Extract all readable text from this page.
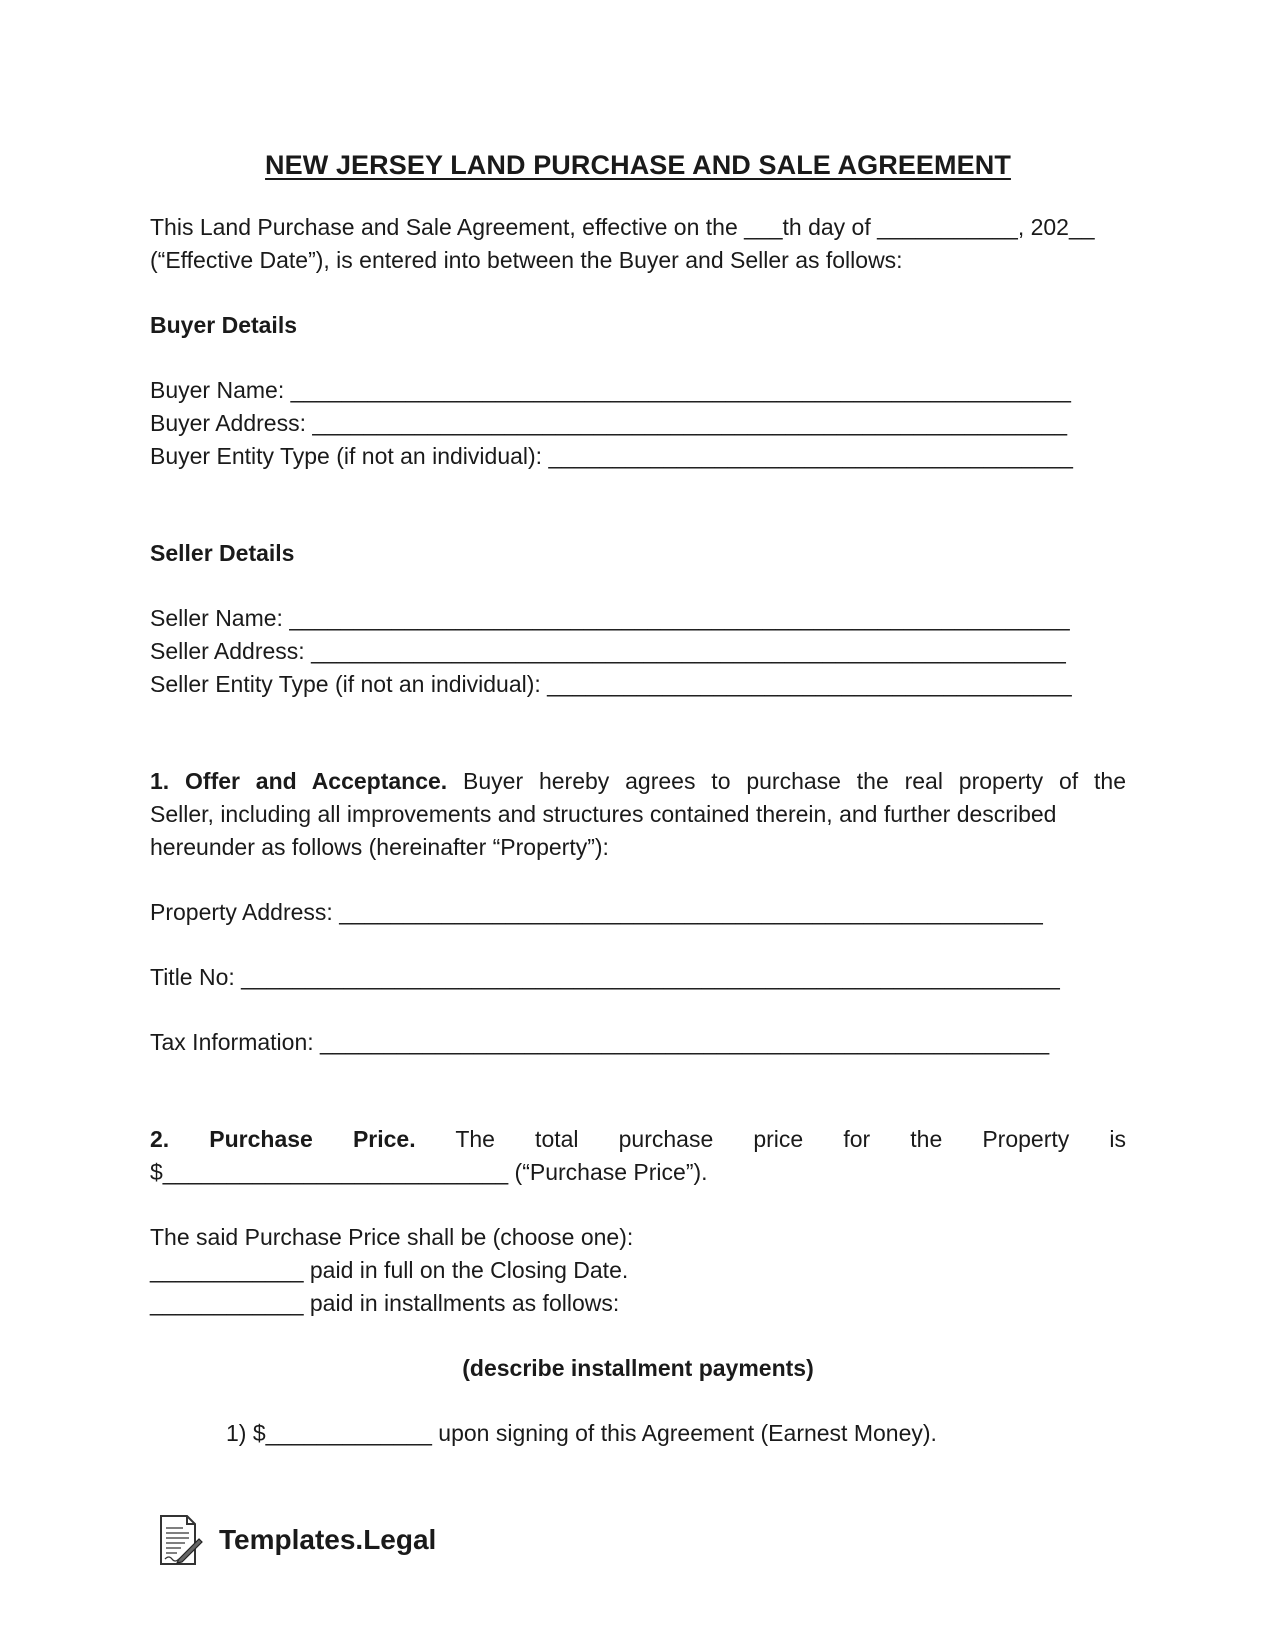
NEW JERSEY LAND PURCHASE AND SALE AGREEMENT

This Land Purchase and Sale Agreement, effective on the ___th day of ___________, 202__

(“Effective Date”), is entered into between the Buyer and Seller as follows:

Buyer Details

Buyer Name: _____________________________________________________________

Buyer Address: ___________________________________________________________

Buyer Entity Type (if not an individual): _________________________________________

Seller Details

Seller Name: _____________________________________________________________

Seller Address: ___________________________________________________________

Seller Entity Type (if not an individual): _________________________________________

1. Offer and Acceptance. Buyer hereby agrees to purchase the real property of the

Seller, including all improvements and structures contained therein, and further described

hereunder as follows (hereinafter “Property”):

Property Address: _______________________________________________________

Title No: ________________________________________________________________

Tax Information: _________________________________________________________

2. Purchase Price. The total purchase price for the Property is

$___________________________ (“Purchase Price”).

The said Purchase Price shall be (choose one):

____________ paid in full on the Closing Date.

____________ paid in installments as follows:

(describe installment payments)

1) $_____________ upon signing of this Agreement (Earnest Money).

Templates.Legal
